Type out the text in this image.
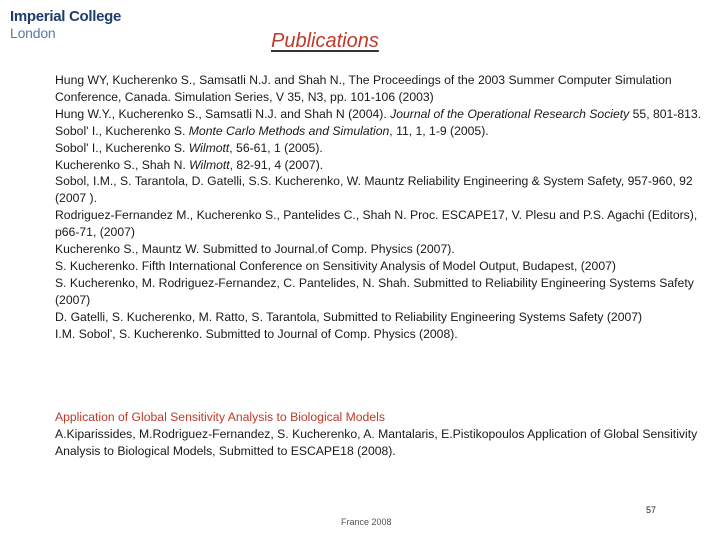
Imperial College
London	Publications
Hung WY, Kucherenko S., Samsatli N.J. and Shah N., The Proceedings of the 2003 Summer Computer Simulation Conference, Canada. Simulation Series, V 35, N3, pp. 101-106 (2003)
Hung W.Y., Kucherenko S., Samsatli N.J. and Shah N (2004). Journal of the Operational Research Society 55, 801-813.
Sobol' I., Kucherenko S. Monte Carlo Methods and Simulation, 11, 1, 1-9 (2005).
Sobol' I., Kucherenko S. Wilmott, 56-61, 1 (2005).
Kucherenko S., Shah N. Wilmott, 82-91, 4 (2007).
Sobol, I.M., S. Tarantola, D. Gatelli, S.S. Kucherenko, W. Mauntz Reliability Engineering & System Safety, 957-960, 92 (2007 ).
Rodriguez-Fernandez M., Kucherenko S., Pantelides C., Shah N. Proc. ESCAPE17, V. Plesu and P.S. Agachi (Editors), p66-71, (2007)
Kucherenko S., Mauntz W. Submitted to Journal.of Comp. Physics (2007).
S. Kucherenko. Fifth International Conference on Sensitivity Analysis of Model Output, Budapest, (2007)
S. Kucherenko, M. Rodriguez-Fernandez, C. Pantelides, N. Shah. Submitted to Reliability Engineering Systems Safety (2007)
D. Gatelli, S. Kucherenko, M. Ratto, S. Tarantola, Submitted to Reliability Engineering Systems Safety (2007)
I.M. Sobol', S. Kucherenko. Submitted to Journal of Comp. Physics (2008).
Application of Global Sensitivity Analysis to Biological Models
A.Kiparissides, M.Rodriguez-Fernandez, S. Kucherenko, A. Mantalaris, E.Pistikopoulos Application of Global Sensitivity Analysis to Biological Models, Submitted to ESCAPE18 (2008).
57
France 2008
